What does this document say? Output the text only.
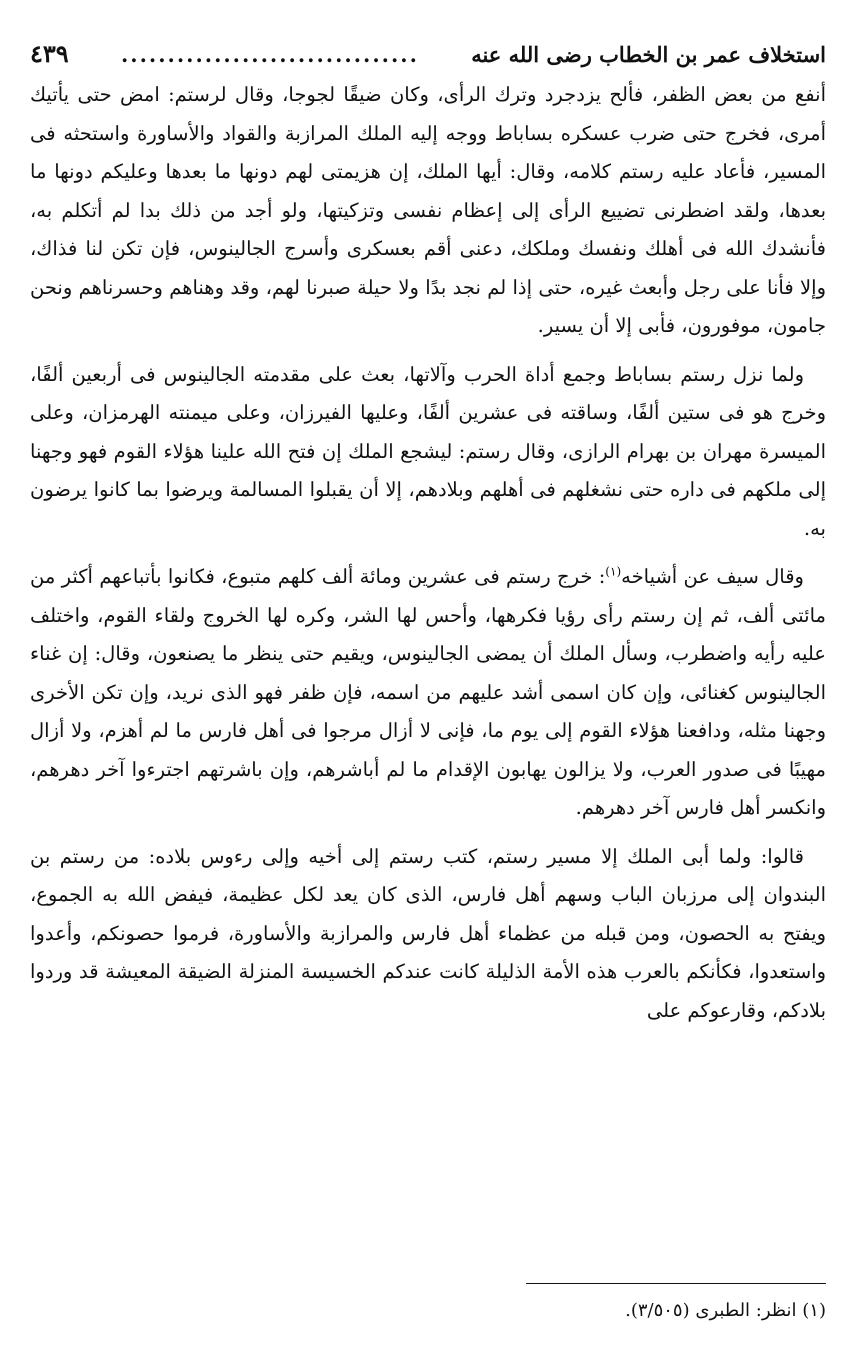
استخلاف عمر بن الخطاب رضى الله عنه
................................
٤٣٩

أنفع من بعض الظفر، فألح يزدجرد وترك الرأى، وكان ضيقًا لجوجا، وقال لرستم: امض حتى يأتيك أمرى، فخرج حتى ضرب عسكره بساباط ووجه إليه الملك المرازبة والقواد والأساورة واستحثه فى المسير، فأعاد عليه رستم كلامه، وقال: أيها الملك، إن هزيمتى لهم دونها ما بعدها وعليكم دونها ما بعدها، ولقد اضطرنى تضييع الرأى إلى إعظام نفسى وتزكيتها، ولو أجد من ذلك بدا لم أتكلم به، فأنشدك الله فى أهلك ونفسك وملكك، دعنى أقم بعسكرى وأسرج الجالينوس، فإن تكن لنا فذاك، وإلا فأنا على رجل وأبعث غيره، حتى إذا لم نجد بدًا ولا حيلة صبرنا لهم، وقد وهناهم وحسرناهم ونحن جامون، موفورون، فأبى إلا أن يسير.

ولما نزل رستم بساباط وجمع أداة الحرب وآلاتها، بعث على مقدمته الجالينوس فى أربعين ألفًا، وخرج هو فى ستين ألفًا، وساقته فى عشرين ألفًا، وعليها الفيرزان، وعلى ميمنته الهرمزان، وعلى الميسرة مهران بن بهرام الرازى، وقال رستم: ليشجع الملك إن فتح الله علينا هؤلاء القوم فهو وجهنا إلى ملكهم فى داره حتى نشغلهم فى أهلهم وبلادهم، إلا أن يقبلوا المسالمة ويرضوا بما كانوا يرضون به.

وقال سيف عن أشياخه$^{(١)}$: خرج رستم فى عشرين ومائة ألف كلهم متبوع، فكانوا بأتباعهم أكثر من مائتى ألف، ثم إن رستم رأى رؤيا فكرهها، وأحس لها الشر، وكره لها الخروج ولقاء القوم، واختلف عليه رأيه واضطرب، وسأل الملك أن يمضى الجالينوس، ويقيم حتى ينظر ما يصنعون، وقال: إن غناء الجالينوس كغنائى، وإن كان اسمى أشد عليهم من اسمه، فإن ظفر فهو الذى نريد، وإن تكن الأخرى وجهنا مثله، ودافعنا هؤلاء القوم إلى يوم ما، فإنى لا أزال مرجوا فى أهل فارس ما لم أهزم، ولا أزال مهيبًا فى صدور العرب، ولا يزالون يهابون الإقدام ما لم أباشرهم، وإن باشرتهم اجترءوا آخر دهرهم، وانكسر أهل فارس آخر دهرهم.

قالوا: ولما أبى الملك إلا مسير رستم، كتب رستم إلى أخيه وإلى رءوس بلاده: من رستم بن البندوان إلى مرزبان الباب وسهم أهل فارس، الذى كان يعد لكل عظيمة، فيفض الله به الجموع، ويفتح به الحصون، ومن قبله من عظماء أهل فارس والمرازبة والأساورة، فرموا حصونكم، وأعدوا واستعدوا، فكأنكم بالعرب هذه الأمة الذليلة كانت عندكم الخسيسة المنزلة الضيقة المعيشة قد وردوا بلادكم، وقارعوكم على

(١) انظر: الطبرى (٣/٥٠٥).
